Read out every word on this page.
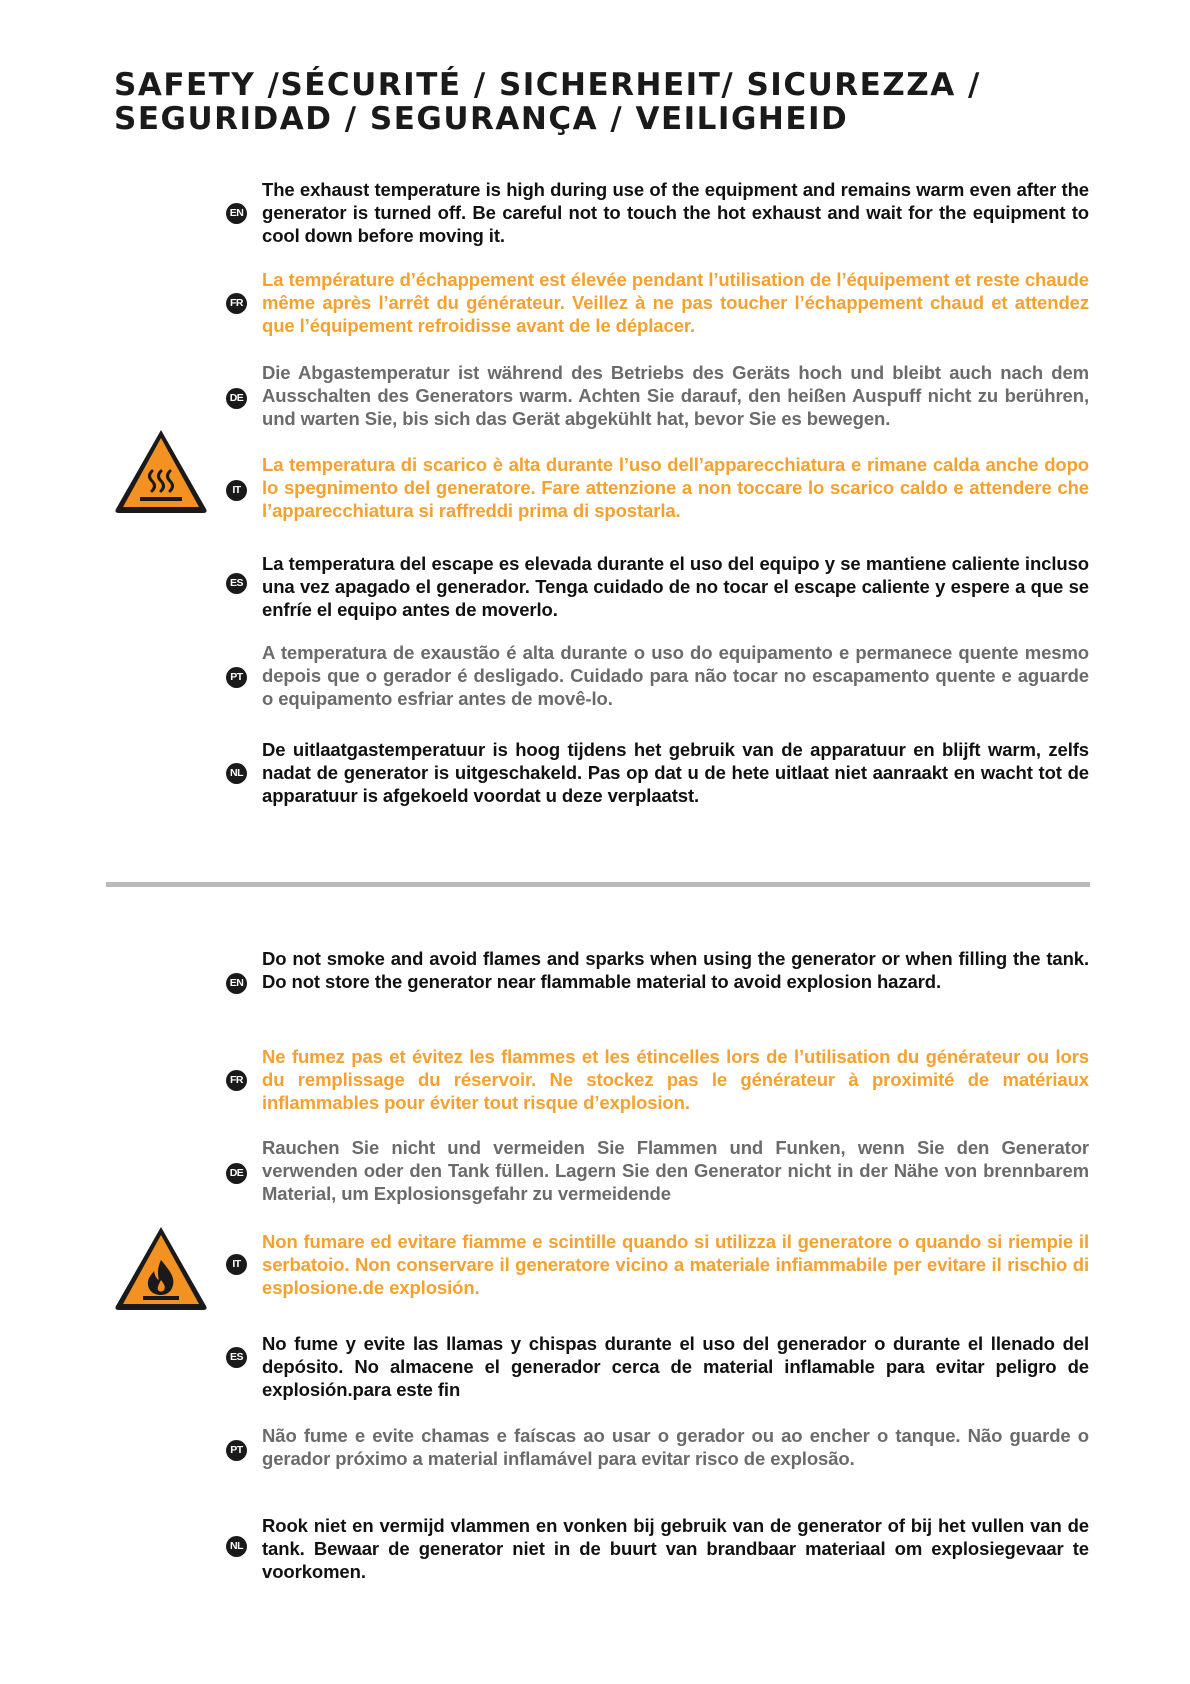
SAFETY /SÉCURITÉ / SICHERHEIT/ SICUREZZA /
SEGURIDAD / SEGURANÇA / VEILIGHEID
EN

The exhaust temperature is high during use of the equipment and remains warm even after the generator is turned off. Be careful not to touch the hot exhaust and wait for the equipment to cool down before moving it.

FR

La température d’échappement est élevée pendant l’utilisation de l’équipement et reste chaude même après l’arrêt du générateur. Veillez à ne pas toucher l’échappement chaud et attendez que l’équipement refroidisse avant de le déplacer.

DE

Die Abgastemperatur ist während des Betriebs des Geräts hoch und bleibt auch nach dem Ausschalten des Generators warm. Achten Sie darauf, den heißen Auspuff nicht zu berühren, und warten Sie, bis sich das Gerät abgekühlt hat, bevor Sie es bewegen.

IT

La temperatura di scarico è alta durante l’uso dell’apparecchiatura e rimane calda anche dopo lo spegnimento del generatore. Fare attenzione a non toccare lo scarico caldo e attendere che l’apparecchiatura si raffreddi prima di spostarla.

ES

La temperatura del escape es elevada durante el uso del equipo y se mantiene caliente incluso una vez apagado el generador. Tenga cuidado de no tocar el escape caliente y espere a que se enfríe el equipo antes de moverlo.

PT

A temperatura de exaustão é alta durante o uso do equipamento e permanece quente mesmo depois que o gerador é desligado. Cuidado para não tocar no escapamento quente e aguarde o equipamento esfriar antes de movê-lo.

NL

De uitlaatgastemperatuur is hoog tijdens het gebruik van de apparatuur en blijft warm, zelfs nadat de generator is uitgeschakeld. Pas op dat u de hete uitlaat niet aanraakt en wacht tot de apparatuur is afgekoeld voordat u deze verplaatst.

EN

Do not smoke and avoid flames and sparks when using the generator or when filling the tank. Do not store the generator near flammable material to avoid explosion hazard.

FR

Ne fumez pas et évitez les flammes et les étincelles lors de l’utilisation du générateur ou lors du remplissage du réservoir. Ne stockez pas le générateur à proximité de matériaux inflammables pour éviter tout risque d’explosion.

DE

Rauchen Sie nicht und vermeiden Sie Flammen und Funken, wenn Sie den Generator verwenden oder den Tank füllen. Lagern Sie den Generator nicht in der Nähe von brennbarem Material, um Explosionsgefahr zu vermeidende

IT

Non fumare ed evitare fiamme e scintille quando si utilizza il generatore o quando si riempie il serbatoio. Non conservare il generatore vicino a materiale infiammabile per evitare il rischio di esplosione.de explosión.

ES

No fume y evite las llamas y chispas durante el uso del generador o durante el llenado del depósito. No almacene el generador cerca de material inflamable para evitar peligro de explosión.para este fin

PT

Não fume e evite chamas e faíscas ao usar o gerador ou ao encher o tanque. Não guarde o gerador próximo a material inflamável para evitar risco de explosão.

NL

Rook niet en vermijd vlammen en vonken bij gebruik van de generator of bij het vullen van de tank. Bewaar de generator niet in de buurt van brandbaar materiaal om explosiegevaar te voorkomen.
